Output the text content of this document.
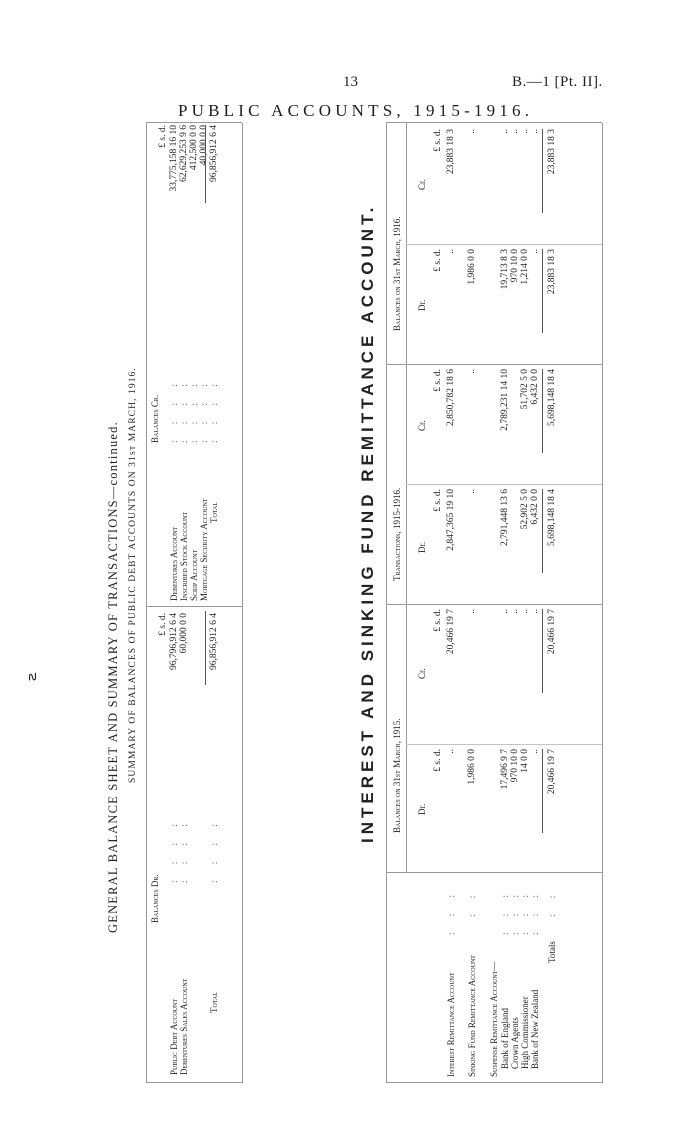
13	B.—1 [Pt. II].
PUBLIC ACCOUNTS, 1915-1916.
౽	GENERAL BALANCE SHEET AND SUMMARY OF TRANSACTIONS—continued. SUMMARY OF BALANCES OF PUBLIC DEBT ACCOUNTS ON 31st MARCH, 1916.
Balances Dr.
Balances Cr.
£ s. d.
£ s. d.
Public Debt Account
: : : :
96,796,912 6 4
Debentures Sales Account
: : : :
60,000 0 0
Total
: : : :
96,856,912 6 4
Debentures Account
: : : :
33,775,158 16 10
Inscribed Stock Account
: : : :
62,629,253 9 6
Scrip Account
: : : :
412,500 0 0
Mortgage Security Account
: : : :
40,000 0 0
Total
: : : :
96,856,912 6 4
INTEREST AND SINKING FUND REMITTANCE ACCOUNT. Balances on 31st March, 1915.
Transactions, 1915-1916.
Balances on 31st March, 1916.
Dr.
Cr.
Dr.
Cr.
Dr.
Cr.
£ s. d.
£ s. d.
£ s. d.
£ s. d.
£ s. d.
£ s. d.
Interest Remittance Account
: : :
..
20,466 19 7
2,847,365 19 10
2,850,782 18 6
..
23,883 18 3
Sinking Fund Remittance Account
: :
1,986 0 0
..
..
..
1,986 0 0
..
Suspense Remittance Account— Bank of England
: : :
17,496 9 7
..
2,791,448 13 6
2,789,231 14 10
19,713 8 3
..
Crown Agents
: : :
970 10 0
..
970 10 0
..
High Commissioner
: : :
14 0 0
..
52,902 5 0
51,702 5 0
1,214 0 0
..
Bank of New Zealand
: : :
..
..
6,432 0 0
6,432 0 0
..
..
Totals
: :
20,466 19 7
20,466 19 7
5,698,148 18 4
5,698,148 18 4
23,883 18 3
23,883 18 3
